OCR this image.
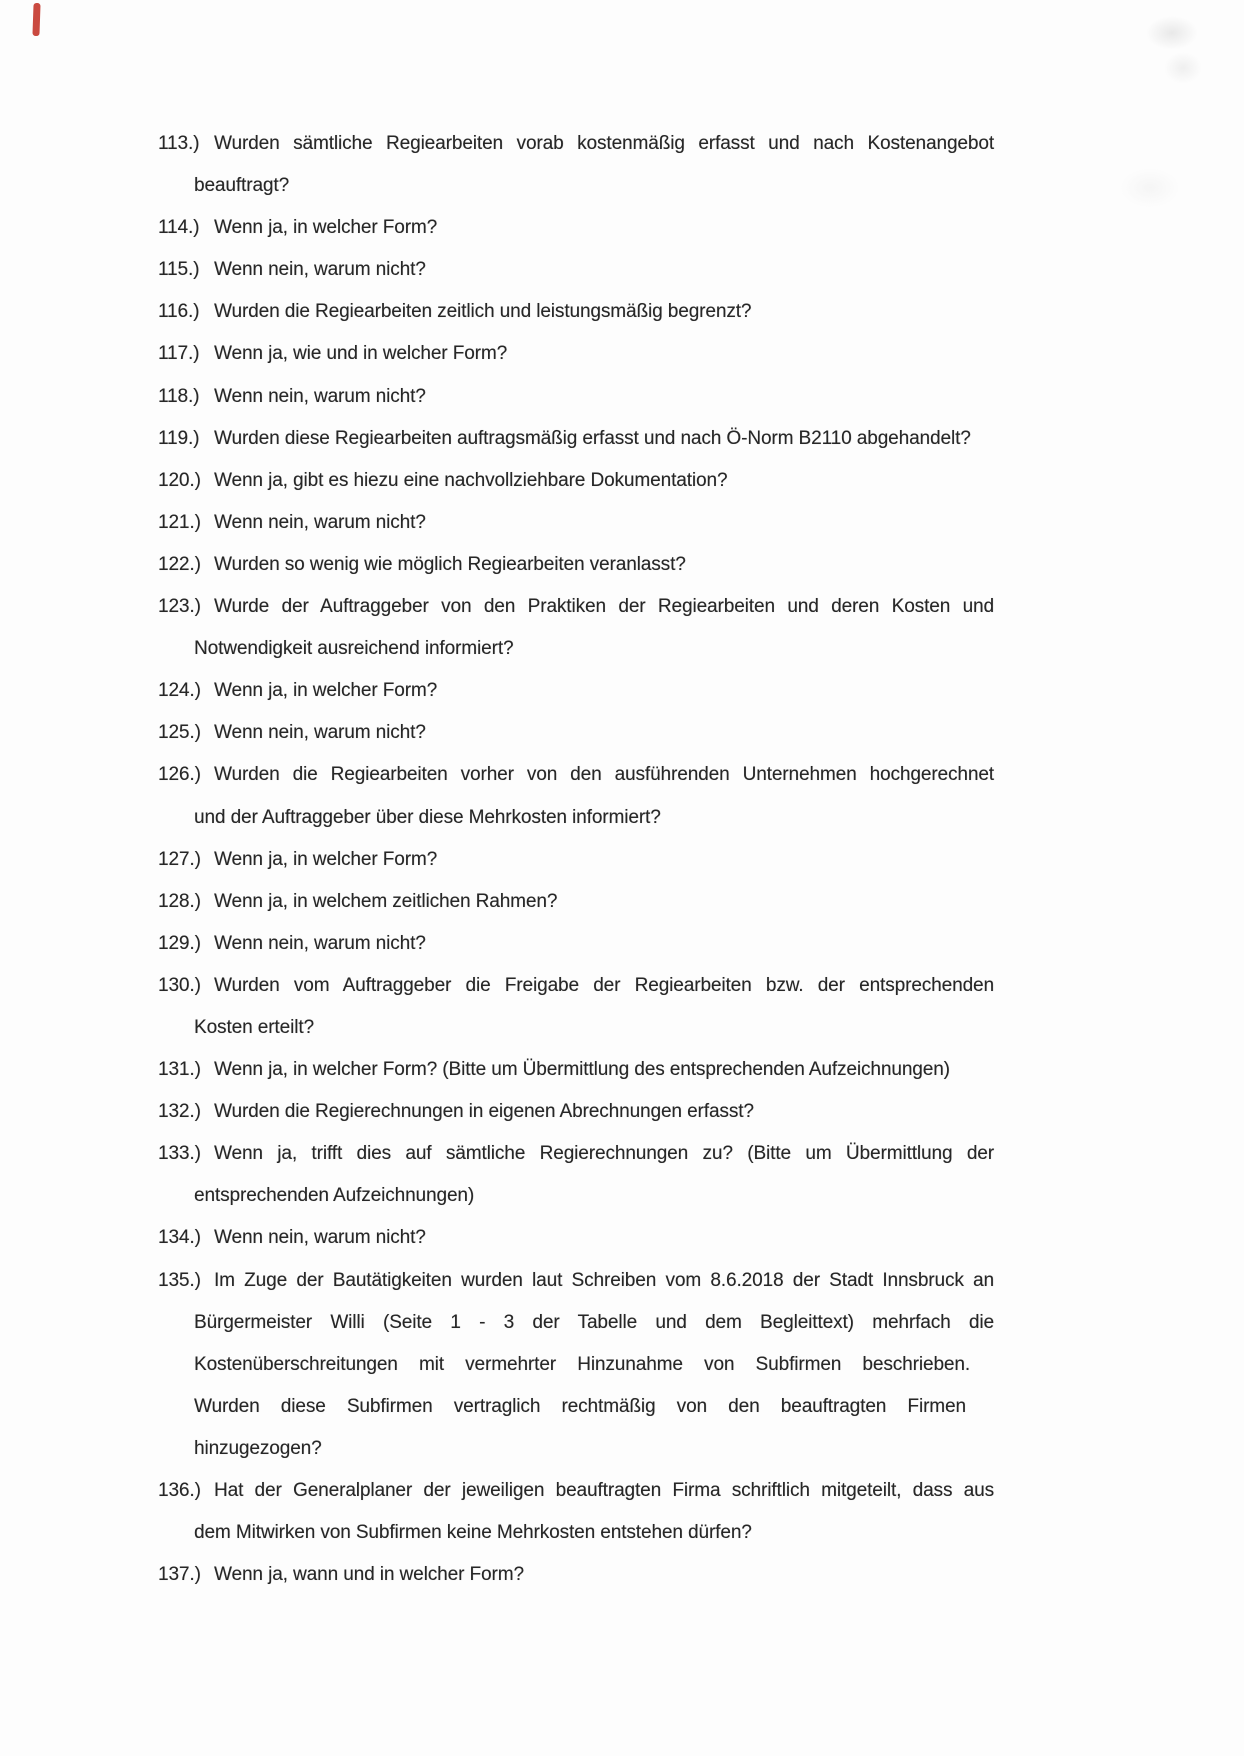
113.) Wurden sämtliche Regiearbeiten vorab kostenmäßig erfasst und nach Kostenangebot
beauftragt?
114.) Wenn ja, in welcher Form?
115.) Wenn nein, warum nicht?
116.) Wurden die Regiearbeiten zeitlich und leistungsmäßig begrenzt?
117.) Wenn ja, wie und in welcher Form?
118.) Wenn nein, warum nicht?
119.) Wurden diese Regiearbeiten auftragsmäßig erfasst und nach Ö-Norm B2110 abgehandelt?
120.) Wenn ja, gibt es hiezu eine nachvollziehbare Dokumentation?
121.) Wenn nein, warum nicht?
122.) Wurden so wenig wie möglich Regiearbeiten veranlasst?
123.) Wurde der Auftraggeber von den Praktiken der Regiearbeiten und deren Kosten und
Notwendigkeit ausreichend informiert?
124.) Wenn ja, in welcher Form?
125.) Wenn nein, warum nicht?
126.) Wurden die Regiearbeiten vorher von den ausführenden Unternehmen hochgerechnet
und der Auftraggeber über diese Mehrkosten informiert?
127.) Wenn ja, in welcher Form?
128.) Wenn ja, in welchem zeitlichen Rahmen?
129.) Wenn nein, warum nicht?
130.) Wurden vom Auftraggeber die Freigabe der Regiearbeiten bzw. der entsprechenden
Kosten erteilt?
131.) Wenn ja, in welcher Form? (Bitte um Übermittlung des entsprechenden Aufzeichnungen)
132.) Wurden die Regierechnungen in eigenen Abrechnungen erfasst?
133.) Wenn ja, trifft dies auf sämtliche Regierechnungen zu? (Bitte um Übermittlung der
entsprechenden Aufzeichnungen)
134.) Wenn nein, warum nicht?
135.) Im Zuge der Bautätigkeiten wurden laut Schreiben vom 8.6.2018 der Stadt Innsbruck an
Bürgermeister Willi (Seite 1 - 3 der Tabelle und dem Begleittext) mehrfach die
Kostenüberschreitungen mit vermehrter Hinzunahme von Subfirmen beschrieben.
Wurden diese Subfirmen vertraglich rechtmäßig von den beauftragten Firmen
hinzugezogen?
136.) Hat der Generalplaner der jeweiligen beauftragten Firma schriftlich mitgeteilt, dass aus
dem Mitwirken von Subfirmen keine Mehrkosten entstehen dürfen?
137.) Wenn ja, wann und in welcher Form?
